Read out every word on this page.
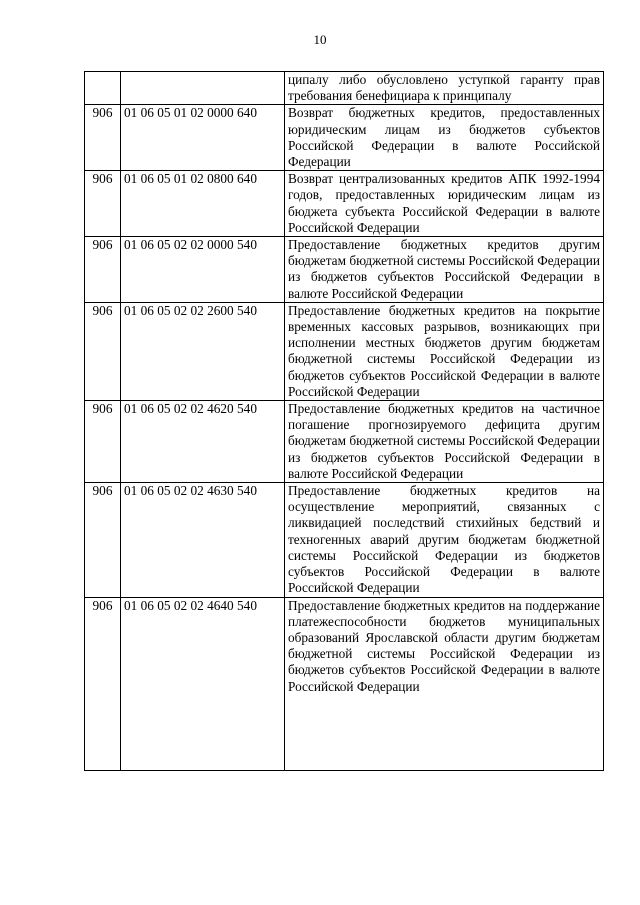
10
		ципалу либо обусловлено уступкой гаранту прав требования бенефициара к принципалу
906	01 06 05 01 02 0000 640	Возврат бюджетных кредитов, предоставленных юридическим лицам из бюджетов субъектов Российской Федерации в валюте Российской Федерации
906	01 06 05 01 02 0800 640	Возврат централизованных кредитов АПК 1992-1994 годов, предоставленных юридическим лицам из бюджета субъекта Российской Федерации в валюте Российской Федерации
906	01 06 05 02 02 0000 540	Предоставление бюджетных кредитов другим бюджетам бюджетной системы Российской Федерации из бюджетов субъектов Российской Федерации в валюте Российской Федерации
906	01 06 05 02 02 2600 540	Предоставление бюджетных кредитов на покрытие временных кассовых разрывов, возникающих при исполнении местных бюджетов другим бюджетам бюджетной системы Российской Федерации из бюджетов субъектов Российской Федерации в валюте Российской Федерации
906	01 06 05 02 02 4620 540	Предоставление бюджетных кредитов на частичное погашение прогнозируемого дефицита другим бюджетам бюджетной системы Российской Федерации из бюджетов субъектов Российской Федерации в валюте Российской Федерации
906	01 06 05 02 02 4630 540	Предоставление бюджетных кредитов на осуществление мероприятий, связанных с ликвидацией последствий стихийных бедствий и техногенных аварий другим бюджетам бюджетной системы Российской Федерации из бюджетов субъектов Российской Федерации в валюте Российской Федерации
906	01 06 05 02 02 4640 540	Предоставление бюджетных кредитов на поддержание платежеспособности бюджетов муниципальных образований Ярославской области другим бюджетам бюджетной системы Российской Федерации из бюджетов субъектов Российской Федерации в валюте Российской Федерации
